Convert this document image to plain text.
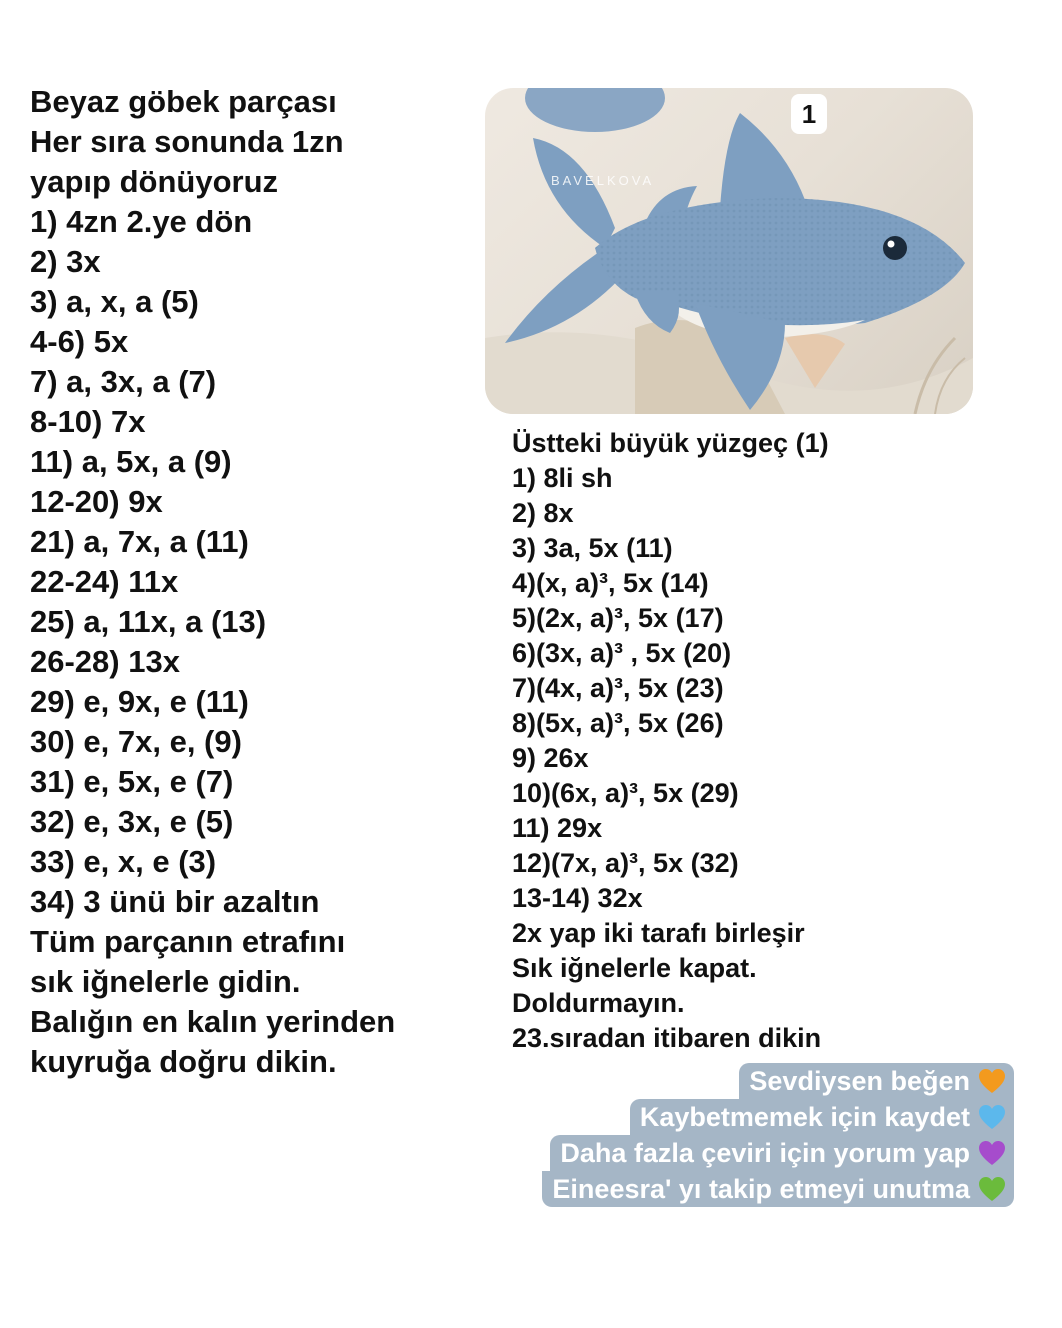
Beyaz göbek parçası
Her sıra sonunda 1zn
yapıp dönüyoruz
1) 4zn 2.ye dön
2) 3x
3) a, x, a (5)
4-6) 5x
7) a, 3x, a (7)
8-10) 7x
11) a, 5x, a (9)
12-20) 9x
21) a, 7x, a (11)
22-24) 11x
25) a, 11x, a (13)
26-28) 13x
29) e, 9x, e (11)
30) e, 7x, e, (9)
31) e, 5x, e (7)
32) e, 3x, e (5)
33) e, x, e (3)
34) 3 ünü bir azaltın
Tüm parçanın etrafını
sık iğnelerle gidin.
Balığın en kalın yerinden
kuyruğa doğru dikin.
BAVELKOVA
1
Üstteki büyük yüzgeç (1)
1) 8li sh
2) 8x
3) 3a, 5x (11)
4)(x, a)³, 5x (14)
5)(2x, a)³, 5x (17)
6)(3x, a)³ , 5x (20)
7)(4x, a)³, 5x (23)
8)(5x, a)³, 5x (26)
9) 26x
10)(6x, a)³, 5x (29)
11) 29x
12)(7x, a)³, 5x (32)
13-14) 32x
2x yap iki tarafı birleşir
Sık iğnelerle kapat.
Doldurmayın.
23.sıradan itibaren dikin
Sevdiysen beğen
Kaybetmemek için kaydet
Daha fazla çeviri için yorum yap
Eineesra' yı takip etmeyi unutma
